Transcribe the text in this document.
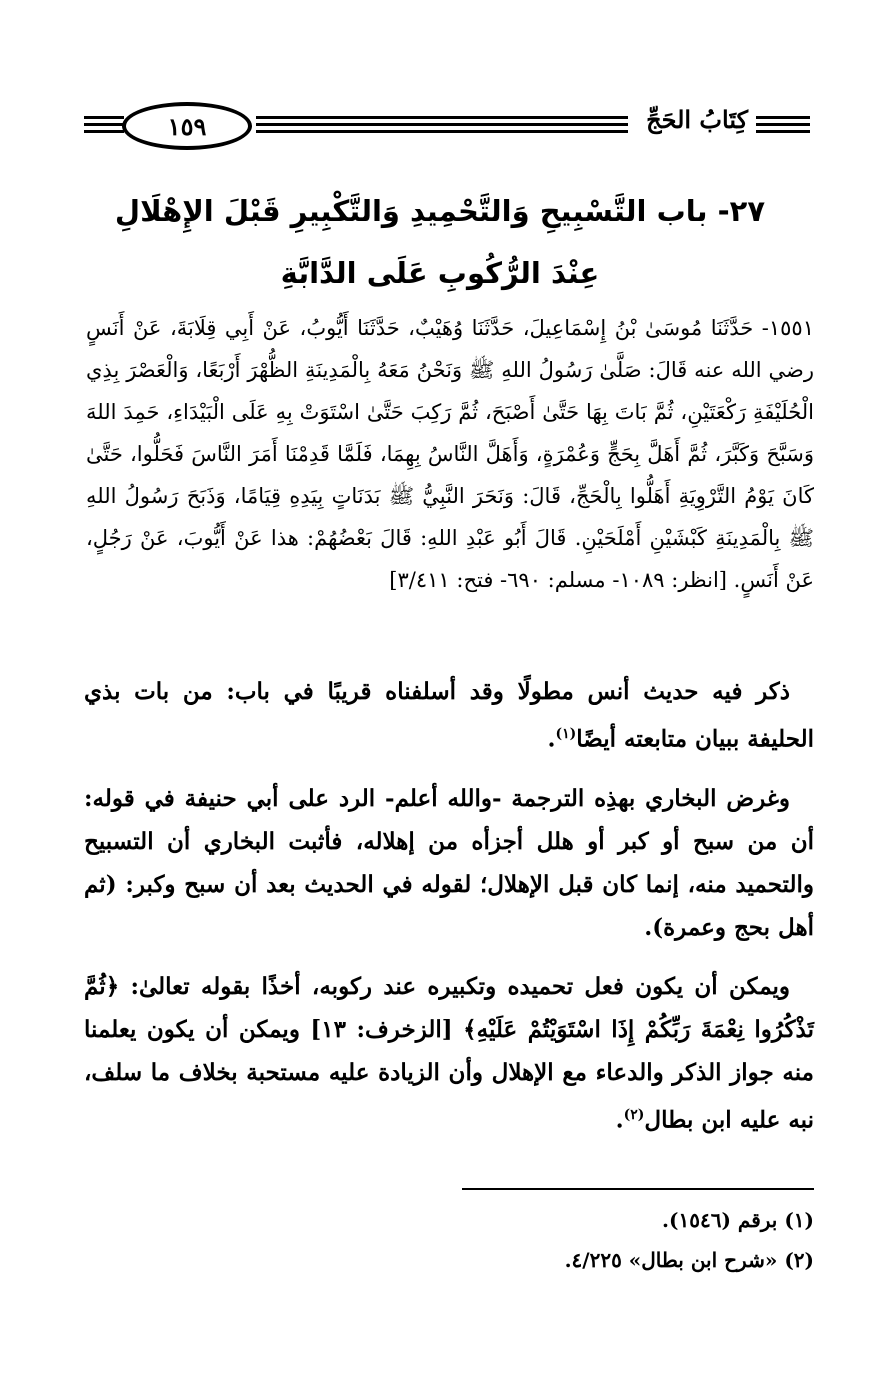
كِتَابُ الحَجِّ
١٥٩
٢٧- باب التَّسْبِيحِ وَالتَّحْمِيدِ وَالتَّكْبِيرِ قَبْلَ الإِهْلَالِ
عِنْدَ الرُّكُوبِ عَلَى الدَّابَّةِ

١٥٥١- حَدَّثَنَا مُوسَىٰ بْنُ إِسْمَاعِيلَ، حَدَّثَنَا وُهَيْبٌ، حَدَّثَنَا أَيُّوبُ، عَنْ أَبِي قِلَابَةَ، عَنْ أَنَسٍ رضي الله عنه قَالَ: صَلَّىٰ رَسُولُ اللهِ ﷺ وَنَحْنُ مَعَهُ بِالْمَدِينَةِ الظُّهْرَ أَرْبَعًا، وَالْعَصْرَ بِذِي الْحُلَيْفَةِ رَكْعَتَيْنِ، ثُمَّ بَاتَ بِهَا حَتَّىٰ أَصْبَحَ، ثُمَّ رَكِبَ حَتَّىٰ اسْتَوَتْ بِهِ عَلَى الْبَيْدَاءِ، حَمِدَ اللهَ وَسَبَّحَ وَكَبَّرَ، ثُمَّ أَهَلَّ بِحَجٍّ وَعُمْرَةٍ، وَأَهَلَّ النَّاسُ بِهِمَا، فَلَمَّا قَدِمْنَا أَمَرَ النَّاسَ فَحَلُّوا، حَتَّىٰ كَانَ يَوْمُ التَّرْوِيَةِ أَهَلُّوا بِالْحَجِّ، قَالَ: وَنَحَرَ النَّبِيُّ ﷺ بَدَنَاتٍ بِيَدِهِ قِيَامًا، وَذَبَحَ رَسُولُ اللهِ ﷺ بِالْمَدِينَةِ كَبْشَيْنِ أَمْلَحَيْنِ. قَالَ أَبُو عَبْدِ اللهِ: قَالَ بَعْضُهُمْ: هذا عَنْ أَيُّوبَ، عَنْ رَجُلٍ، عَنْ أَنَسٍ. [انظر: ١٠٨٩- مسلم: ٦٩٠- فتح: ٣/٤١١]

ذكر فيه حديث أنس مطولًا وقد أسلفناه قريبًا في باب: من بات بذي الحليفة ببيان متابعته أيضًا$^{(١)}$.

وغرض البخاري بهذِه الترجمة -والله أعلم- الرد على أبي حنيفة في قوله: أن من سبح أو كبر أو هلل أجزأه من إهلاله، فأثبت البخاري أن التسبيح والتحميد منه، إنما كان قبل الإهلال؛ لقوله في الحديث بعد أن سبح وكبر: (ثم أهل بحج وعمرة).

ويمكن أن يكون فعل تحميده وتكبيره عند ركوبه، أخذًا بقوله تعالىٰ: ﴿ثُمَّ تَذْكُرُوا نِعْمَةَ رَبِّكُمْ إِذَا اسْتَوَيْتُمْ عَلَيْهِ﴾ [الزخرف: ١٣] ويمكن أن يكون يعلمنا منه جواز الذكر والدعاء مع الإهلال وأن الزيادة عليه مستحبة بخلاف ما سلف، نبه عليه ابن بطال$^{(٢)}$.

(١) برقم (١٥٤٦).
(٢) «شرح ابن بطال» ٤/٢٢٥.
